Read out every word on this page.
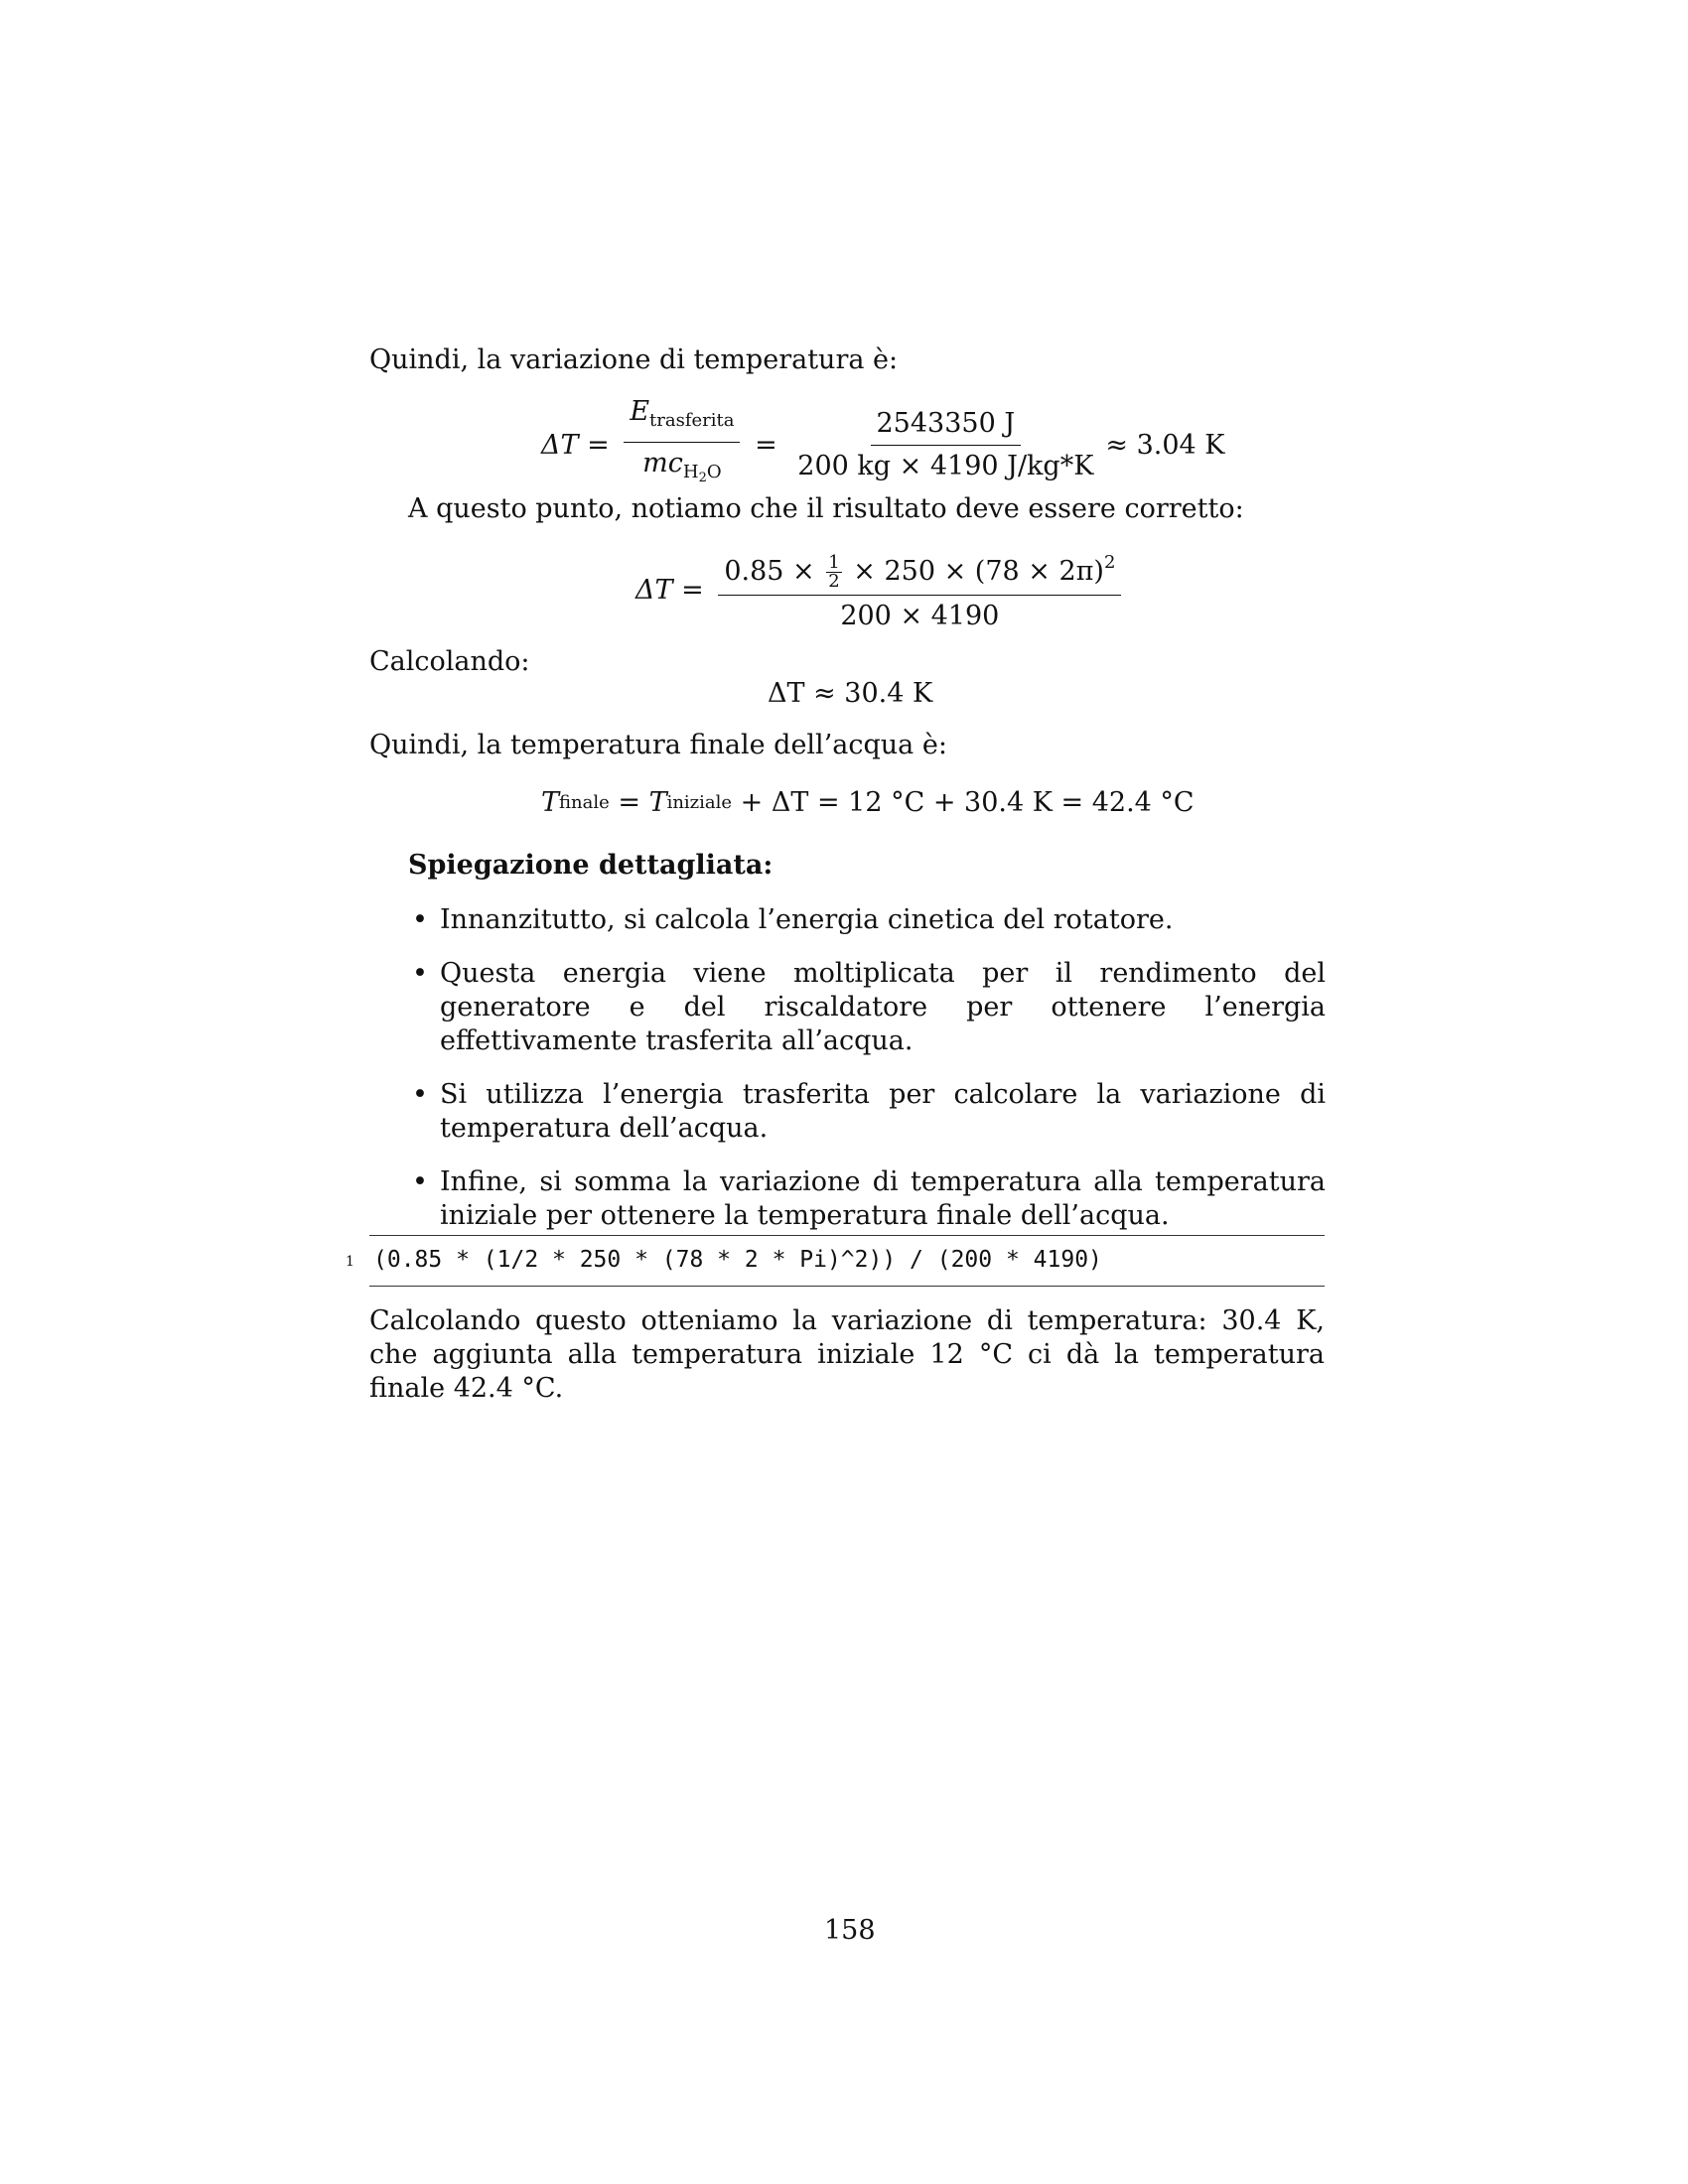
Quindi, la variazione di temperatura è:
$\Delta T = \frac{E_{trasferita}}{mc_{H_2O}} = \frac{2543350 J}{200 kg \times 4190 J/kg*K} \approx 3.04$ K
A questo punto, notiamo che il risultato deve essere corretto:
$\Delta T = \frac{0.85 \times \frac{1}{2} \times 250 \times (78 \times 2\pi)^2}{200 \times 4190}$
Calcolando:
ΔT ≈ 30.4 K
Quindi, la temperatura finale dell’acqua è:
T finale = T iniziale
+ ΔT = 12 °C + 30.4 K = 42.4 °C
Spiegazione dettagliata:
• Innanzitutto, si calcola l’energia cinetica del rotatore.
• Questa energia viene moltiplicata per il rendimento del generatore e del riscaldatore per ottenere l’energia effettivamente trasferita all’acqua.
• Si utilizza l’energia trasferita per calcolare la variazione di temperatura dell’acqua.
• Infine, si somma la variazione di temperatura alla temperatura iniziale per ottenere la temperatura finale dell’acqua.
1 (0.85 * (1/2 * 250 * (78 * 2 * Pi)^2)) / (200 * 4190)
Calcolando questo otteniamo la variazione di temperatura: 30.4 K, che aggiunta alla temperatura iniziale 12 °C ci dà la temperatura finale 42.4 °C.
158
